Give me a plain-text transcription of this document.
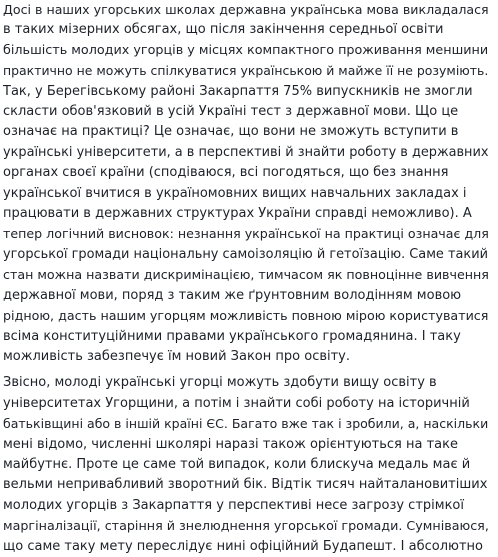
Досі в наших угорських школах державна українська мова викладалася
в таких мізерних обсягах, що після закінчення середньої освіти
більшість молодих угорців у місцях компактного проживання меншини
практично не можуть спілкуватися українською й майже її не розуміють.
Так, у Берегівському районі Закарпаття 75% випускників не змогли
скласти обов'язковий в усій Україні тест з державної мови. Що це
означає на практиці? Це означає, що вони не зможуть вступити в
українські університети, а в перспективі й знайти роботу в державних
органах своєї країни (сподіваюся, всі погодяться, що без знання
української вчитися в україномовних вищих навчальних закладах і
працювати в державних структурах України справді неможливо). А
тепер логічний висновок: незнання української на практиці означає для
угорської громади національну самоізоляцію й гетоїзацію. Саме такий
стан можна назвати дискримінацією, тимчасом як повноцінне вивчення
державної мови, поряд з таким же ґрунтовним володінням мовою
рідною, дасть нашим угорцям можливість повною мірою користуватися
всіма конституційними правами українського громадянина. І таку
можливість забезпечує їм новий Закон про освіту.

Звісно, молоді українські угорці можуть здобути вищу освіту в
університетах Угорщини, а потім і знайти собі роботу на історичній
батьківщині або в іншій країні ЄС. Багато вже так і зробили, а, наскільки
мені відомо, численні школярі наразі також орієнтуються на таке
майбутнє. Проте це саме той випадок, коли блискуча медаль має й
вельми непривабливий зворотний бік. Відтік тисяч найталановитіших
молодих угорців з Закарпаття у перспективі несе загрозу стрімкої
маргіналізації, старіння й знелюднення угорської громади. Сумніваюся,
що саме таку мету переслідує нині офіційний Будапешт. І абсолютно
